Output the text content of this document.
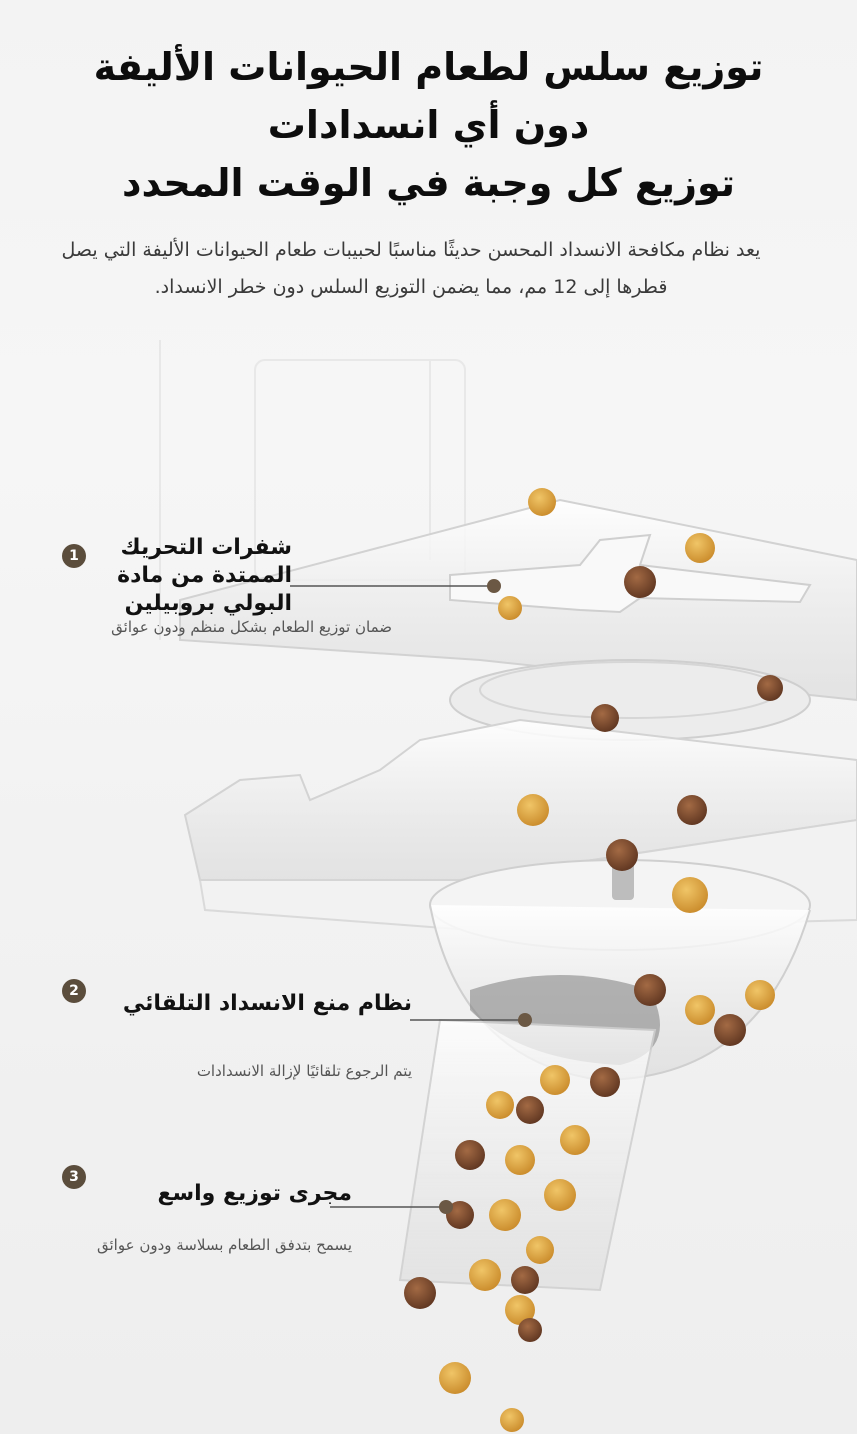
توزيع سلس لطعام الحيوانات الأليفة
دون أي انسدادات
توزيع كل وجبة في الوقت المحدد
يعد نظام مكافحة الانسداد المحسن حديثًا مناسبًا لحبيبات طعام الحيوانات الأليفة التي يصل قطرها إلى 12 مم، مما يضمن التوزيع السلس دون خطر الانسداد.
شفرات التحريك الممتدة من مادة البولي بروبيلين
ضمان توزيع الطعام بشكل منظم ودون عوائق
1
نظام منع الانسداد التلقائي
يتم الرجوع تلقائيًا لإزالة الانسدادات
2
مجرى توزيع واسع
يسمح بتدفق الطعام بسلاسة ودون عوائق
3
